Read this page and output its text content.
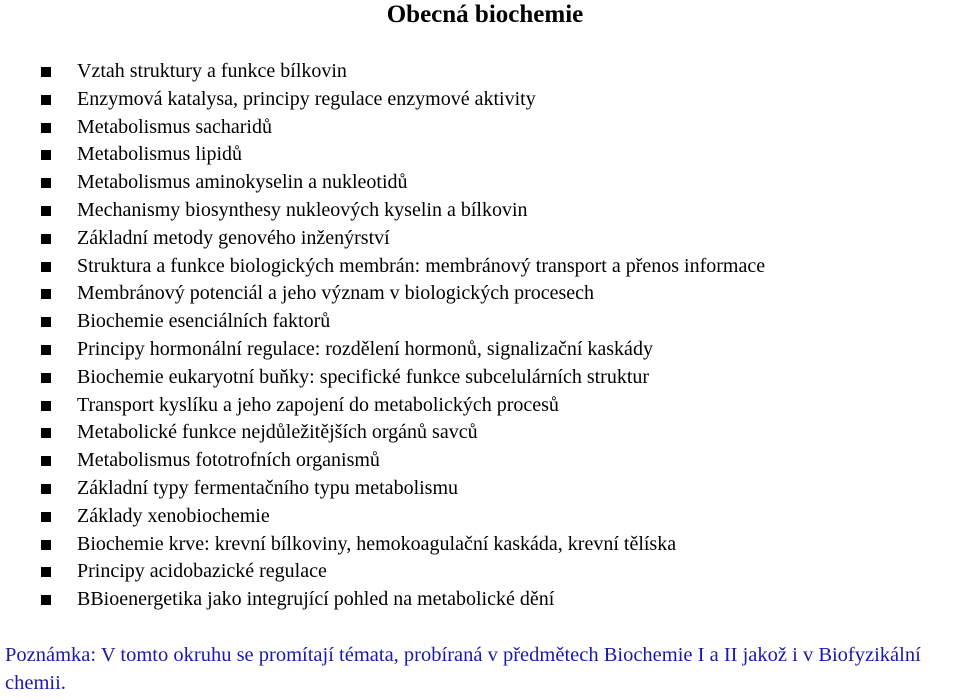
Obecná biochemie
Vztah struktury a funkce bílkovin
Enzymová katalysa, principy regulace enzymové aktivity
Metabolismus sacharidů
Metabolismus lipidů
Metabolismus aminokyselin a nukleotidů
Mechanismy biosynthesy nukleových kyselin a bílkovin
Základní metody genového inženýrství
Struktura a funkce biologických membrán: membránový transport a přenos informace
Membránový potenciál a jeho význam v biologických procesech
Biochemie esenciálních faktorů
Principy hormonální regulace: rozdělení hormonů, signalizační kaskády
Biochemie eukaryotní buňky: specifické funkce subcelulárních struktur
Transport kyslíku a jeho zapojení do metabolických procesů
Metabolické funkce nejdůležitějších orgánů savců
Metabolismus fototrofních organismů
Základní typy fermentačního typu metabolismu
Základy xenobiochemie
Biochemie krve: krevní bílkoviny, hemokoagulační kaskáda, krevní tělíska
Principy acidobazické regulace
BBioenergetika jako integrující pohled na metabolické dění
Poznámka: V tomto okruhu se promítají témata, probíraná v předmětech Biochemie I a II jakož i v Biofyzikální chemii.
